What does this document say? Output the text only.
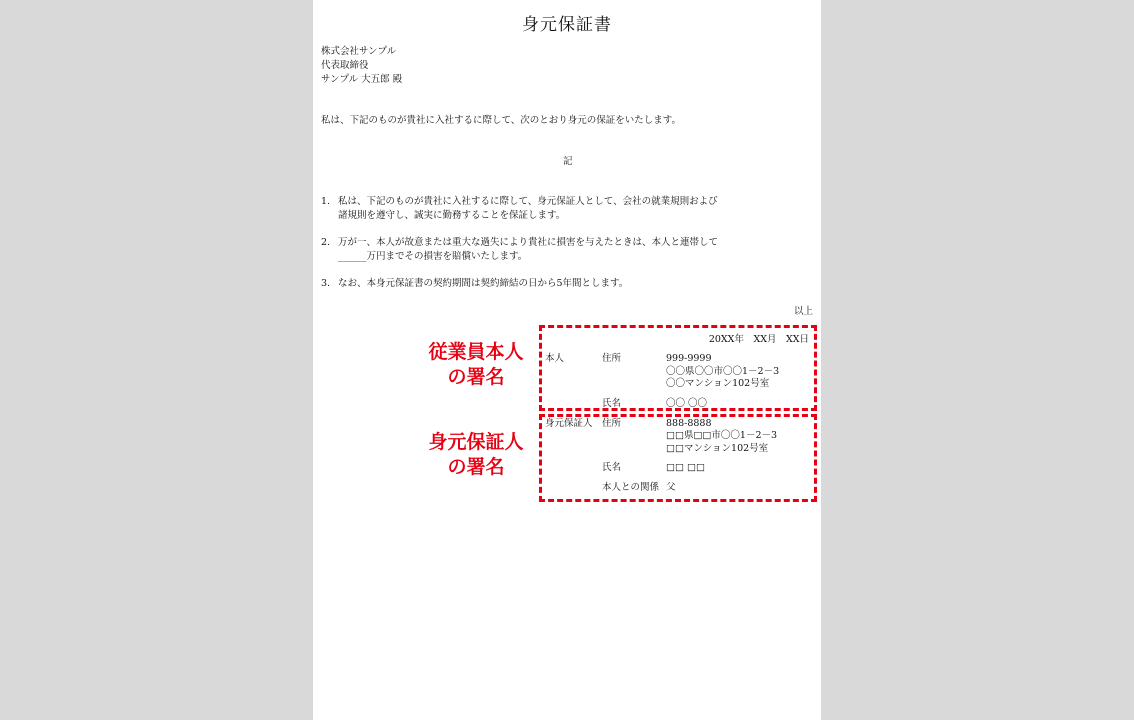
身元保証書
株式会社サンプル
代表取締役
サンプル 大五郎 殿
私は、下記のものが貴社に入社するに際して、次のとおり身元の保証をいたします。
記
1. 私は、下記のものが貴社に入社するに際して、身元保証人として、会社の就業規則および
諸規則を遵守し、誠実に勤務することを保証します。
2. 万が一、本人が故意または重大な過失により貴社に損害を与えたときは、本人と連帯して
______万円までその損害を賠償いたします。
3. なお、本身元保証書の契約期間は契約締結の日から5年間とします。
以上
20XX年　XX月　XX日
本人	住所	999-9999
〇〇県〇〇市〇〇1－2－3
〇〇マンション102号室
氏名	〇〇 〇〇
身元保証人 住所	888-8888
□□県□□市〇〇1－2－3
□□マンション102号室
氏名	□□ □□
本人との関係 父
従業員本人
の署名
身元保証人
の署名
